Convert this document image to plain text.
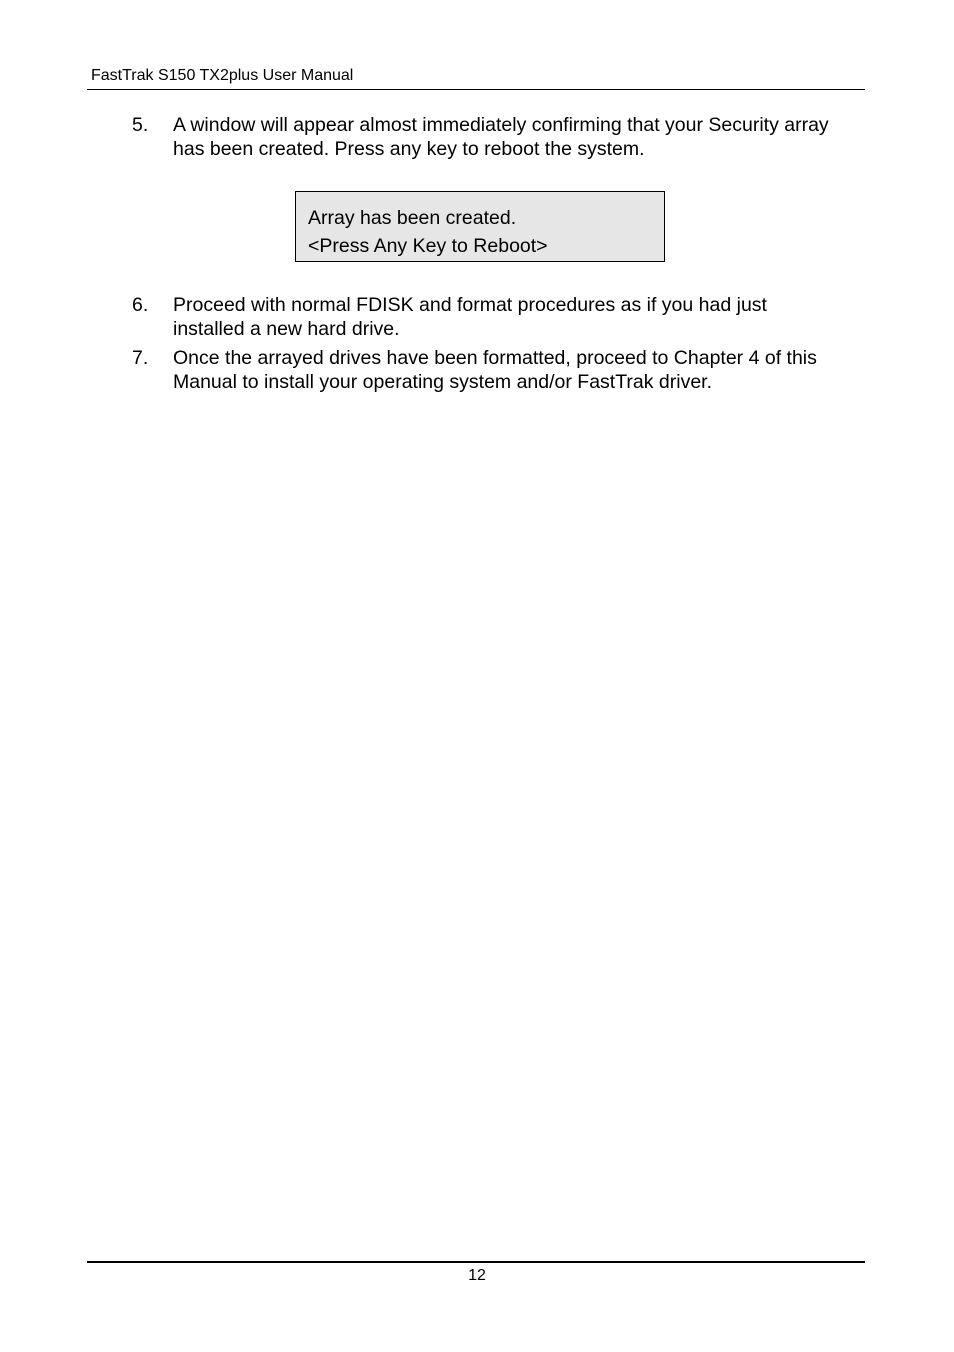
FastTrak S150 TX2plus User Manual
5. A window will appear almost immediately confirming that your Security array
has been created. Press any key to reboot the system.
Array has been created.
<Press Any Key to Reboot>
6. Proceed with normal FDISK and format procedures as if you had just
installed a new hard drive.
7. Once the arrayed drives have been formatted, proceed to Chapter 4 of this
Manual to install your operating system and/or FastTrak driver.
12
